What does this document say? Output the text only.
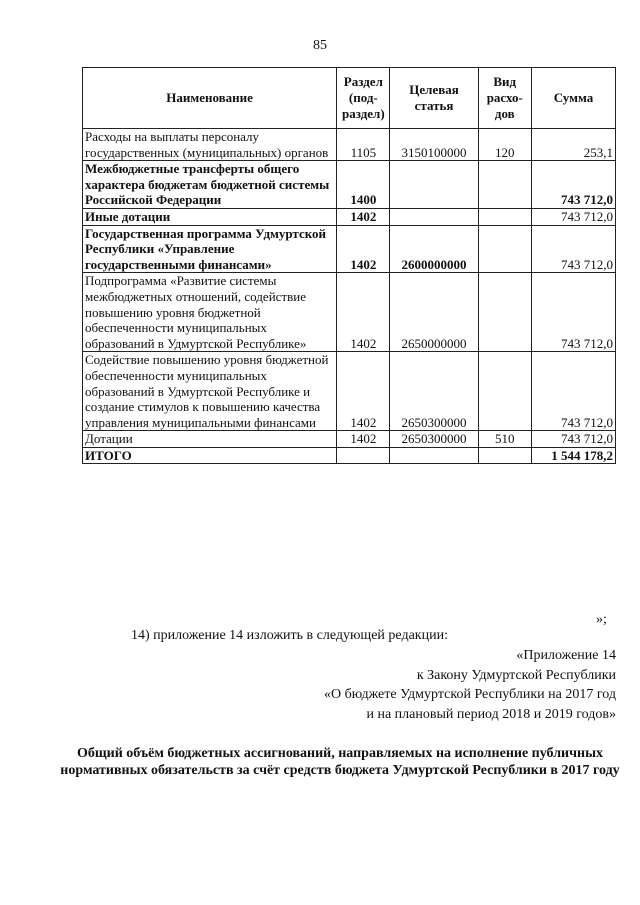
85
Наименование	Раздел (под-раздел)	Целевая статья	Вид расхо-дов	Сумма
Расходы на выплаты персоналу государственных (муниципальных) органов	1105	3150100000	120	253,1
Межбюджетные трансферты общего характера бюджетам бюджетной системы Российской Федерации	1400			743 712,0
Иные дотации	1402			743 712,0
Государственная программа Удмуртской Республики «Управление государственными финансами»	1402	2600000000		743 712,0
Подпрограмма «Развитие системы межбюджетных отношений, содействие повышению уровня бюджетной обеспеченности муниципальных образований в Удмуртской Республике»	1402	2650000000		743 712,0
Содействие повышению уровня бюджетной обеспеченности муниципальных образований в Удмуртской Республике и создание стимулов к повышению качества управления муниципальными финансами	1402	2650300000		743 712,0
Дотации	1402	2650300000	510	743 712,0
ИТОГО				1 544 178,2
»;
14) приложение 14 изложить в следующей редакции:
«Приложение 14
к Закону Удмуртской Республики
«О бюджете Удмуртской Республики на 2017 год
и на плановый период 2018 и 2019 годов»
Общий объём бюджетных ассигнований, направляемых на исполнение публичных нормативных обязательств за счёт средств бюджета Удмуртской Республики в 2017 году
